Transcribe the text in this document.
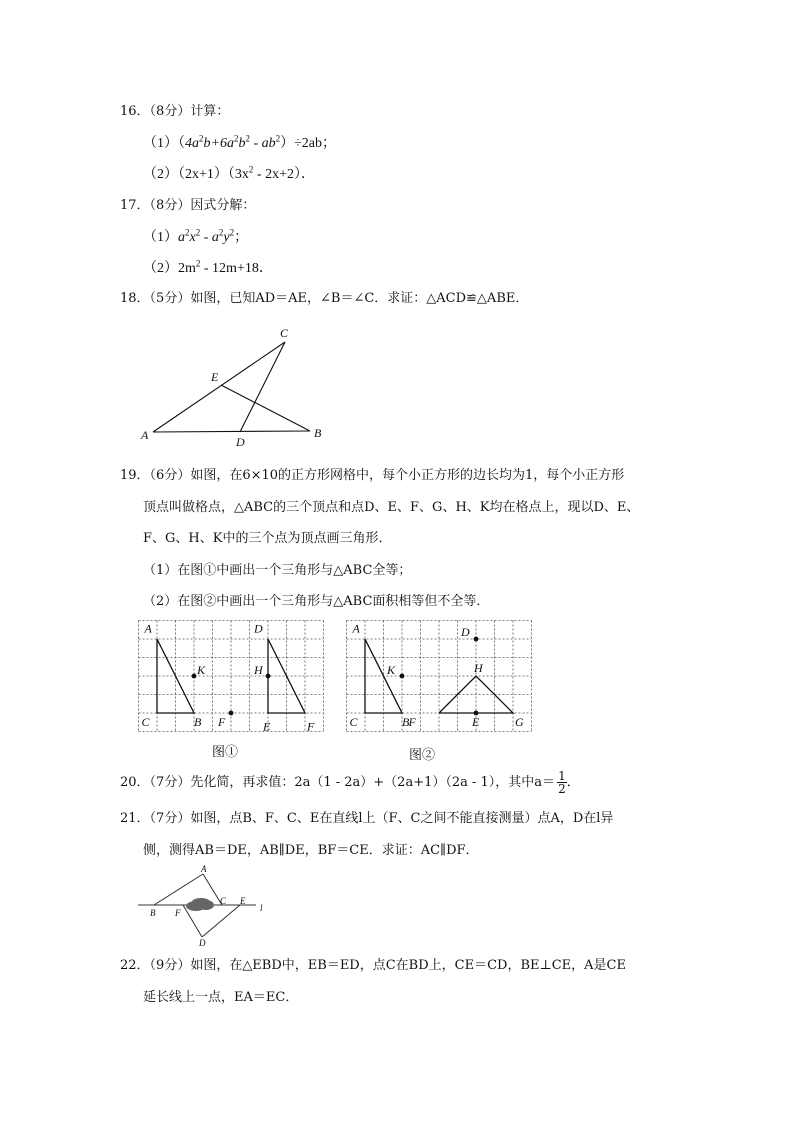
16．（8分）计算：
$(1)(4a^2b+6a^2b^2 - ab^2)\div 2ab$；
$(2)(2x+1)(3x^2 - 2x+2)$．
17．（8分）因式分解：
$(1)a^2x^2 - a^2y^2$；
$(2)2m^2 - 12m+18$．
18．（5分）如图，已知AD＝AE，∠B＝∠C．求证：△ACD≌△ABE．
C
E
A	D
B
19．（6分）如图，在6×10的正方形网格中，每个小正方形的边长均为1，每个小正方形
顶点叫做格点，△ABC的三个顶点和点D、E、F、G、H、K均在格点上，现以D、E、
F、G、H、K中的三个点为顶点画三角形．
（1）在图①中画出一个三角形与△ABC全等；
（2）在图②中画出一个三角形与△ABC面积相等但不全等．
A
C	B
K
F
D
H
E	F
A
C	B
K
D
H
F	E	G
图①	图②
20．（7分）先化简，再求值：2a（1 - 2a）+（2a+1）（2a - 1），其中$a= \frac{1}{2}$ ．
21．（7分）如图，点B、F、C、E在直线l上（F、C之间不能直接测量）点A，D在l异
侧，测得AB＝DE，AB∥DE，BF＝CE．求证：AC∥DF．
A
B F
C E
D
l
22．（9分）如图，在△EBD中，EB＝ED，点C在BD上，CE＝CD，BE⊥CE，A是CE
延长线上一点，EA＝EC．
